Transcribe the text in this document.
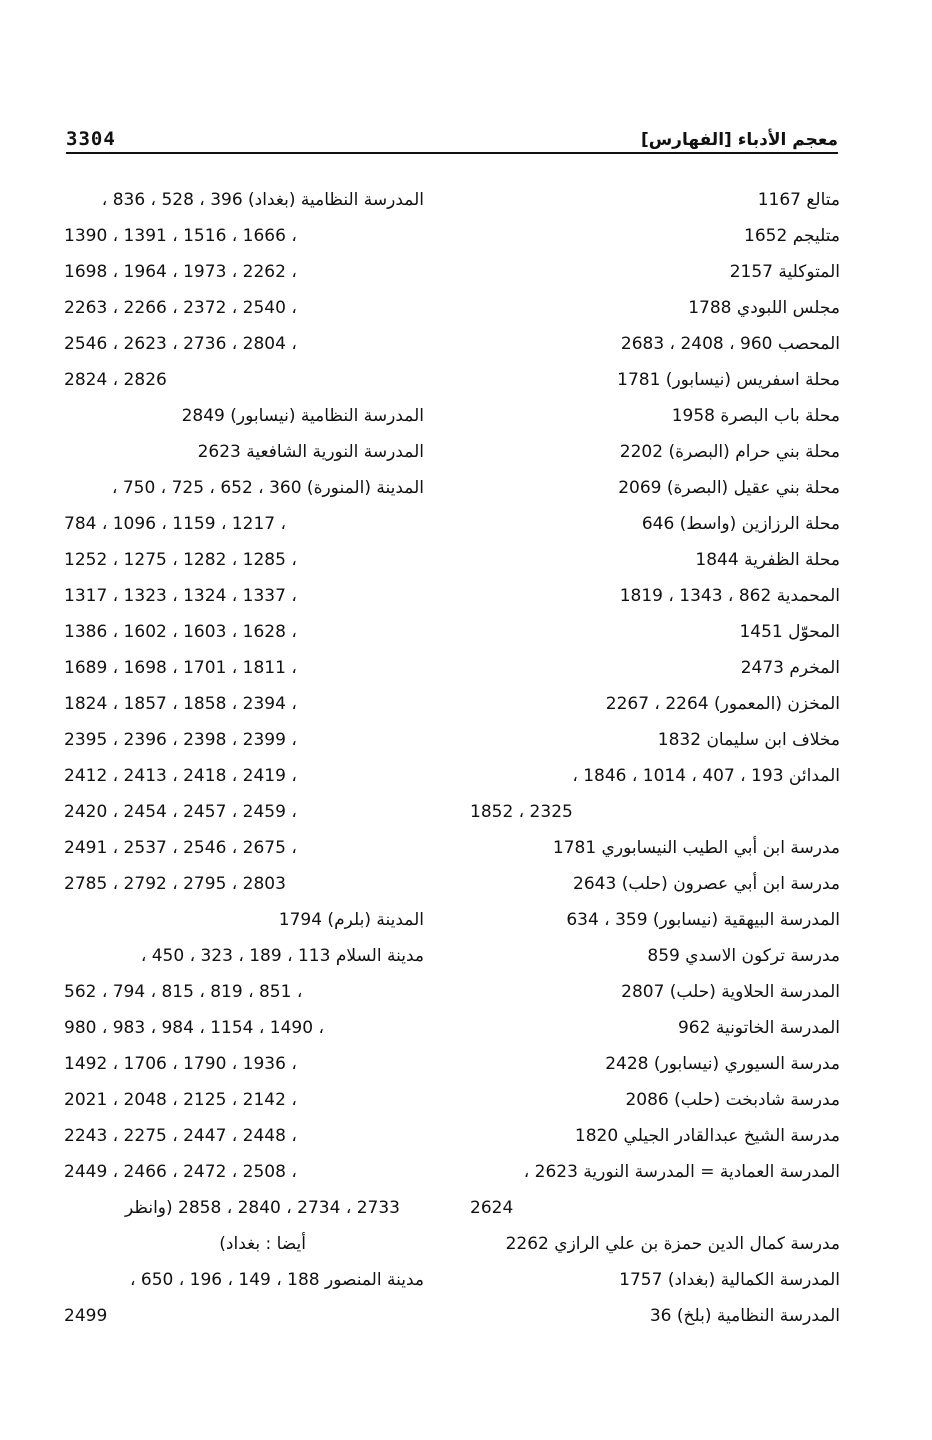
3304	معجم الأدباء [الفهارس]
متالع 1167
متليجم 1652
المتوكلية 2157
مجلس اللبودي 1788
المحصب 960 ، 2408 ، 2683
محلة اسفريس (نيسابور) 1781
محلة باب البصرة 1958
محلة بني حرام (البصرة) 2202
محلة بني عقيل (البصرة) 2069
محلة الرزازين (واسط) 646
محلة الظفرية 1844
المحمدية 862 ، 1343 ، 1819
المحوّل 1451
المخرم 2473
المخزن (المعمور) 2264 ، 2267
مخلاف ابن سليمان 1832
المدائن 193 ، 407 ، 1014 ، 1846 ،
1852 ، 2325
مدرسة ابن أبي الطيب النيسابوري 1781
مدرسة ابن أبي عصرون (حلب) 2643
المدرسة البيهقية (نيسابور) 359 ، 634
مدرسة تركون الاسدي 859
المدرسة الحلاوية (حلب) 2807
المدرسة الخاتونية 962
مدرسة السيوري (نيسابور) 2428
مدرسة شادبخت (حلب) 2086
مدرسة الشيخ عبدالقادر الجيلي 1820
المدرسة العمادية = المدرسة النورية 2623 ،
2624
مدرسة كمال الدين حمزة بن علي الرازي 2262
المدرسة الكمالية (بغداد) 1757
المدرسة النظامية (بلخ) 36
المدرسة النظامية (بغداد) 396 ، 528 ، 836 ،
1390 ، 1391 ، 1516 ، 1666 ،
1698 ، 1964 ، 1973 ، 2262 ،
2263 ، 2266 ، 2372 ، 2540 ،
2546 ، 2623 ، 2736 ، 2804 ،
2824 ، 2826
المدرسة النظامية (نيسابور) 2849
المدرسة النورية الشافعية 2623
المدينة (المنورة) 360 ، 652 ، 725 ، 750 ،
784 ، 1096 ، 1159 ، 1217 ،
1252 ، 1275 ، 1282 ، 1285 ،
1317 ، 1323 ، 1324 ، 1337 ،
1386 ، 1602 ، 1603 ، 1628 ،
1689 ، 1698 ، 1701 ، 1811 ،
1824 ، 1857 ، 1858 ، 2394 ،
2395 ، 2396 ، 2398 ، 2399 ،
2412 ، 2413 ، 2418 ، 2419 ،
2420 ، 2454 ، 2457 ، 2459 ،
2491 ، 2537 ، 2546 ، 2675 ،
2785 ، 2792 ، 2795 ، 2803
المدينة (بلرم) 1794
مدينة السلام 113 ، 189 ، 323 ، 450 ،
562 ، 794 ، 815 ، 819 ، 851 ،
980 ، 983 ، 984 ، 1154 ، 1490 ،
1492 ، 1706 ، 1790 ، 1936 ،
2021 ، 2048 ، 2125 ، 2142 ،
2243 ، 2275 ، 2447 ، 2448 ،
2449 ، 2466 ، 2472 ، 2508 ،
2733 ، 2734 ، 2840 ، 2858 (وانظر
أيضا : بغداد)
مدينة المنصور 188 ، 149 ، 196 ، 650 ،
2499
